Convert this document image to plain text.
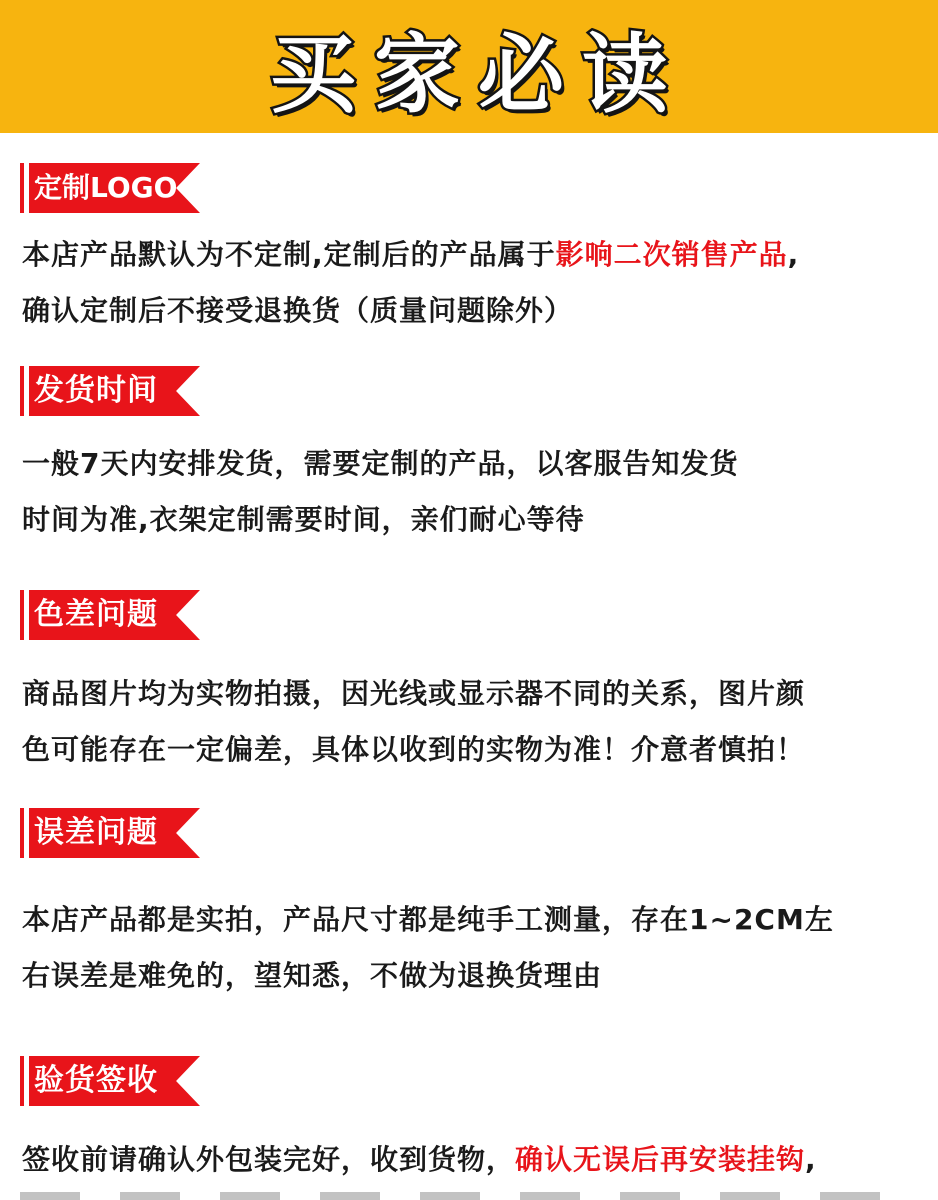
买家必读
定制LOGO
本店产品默认为不定制,定制后的产品属于影响二次销售产品,
确认定制后不接受退换货（质量问题除外）
发货时间
一般7天内安排发货，需要定制的产品，以客服告知发货
时间为准,衣架定制需要时间，亲们耐心等待
色差问题
商品图片均为实物拍摄，因光线或显示器不同的关系，图片颜
色可能存在一定偏差，具体以收到的实物为准！介意者慎拍！
误差问题
本店产品都是实拍，产品尺寸都是纯手工测量，存在1~2CM左
右误差是难免的，望知悉，不做为退换货理由
验货签收
签收前请确认外包装完好，收到货物，确认无误后再安装挂钩,
